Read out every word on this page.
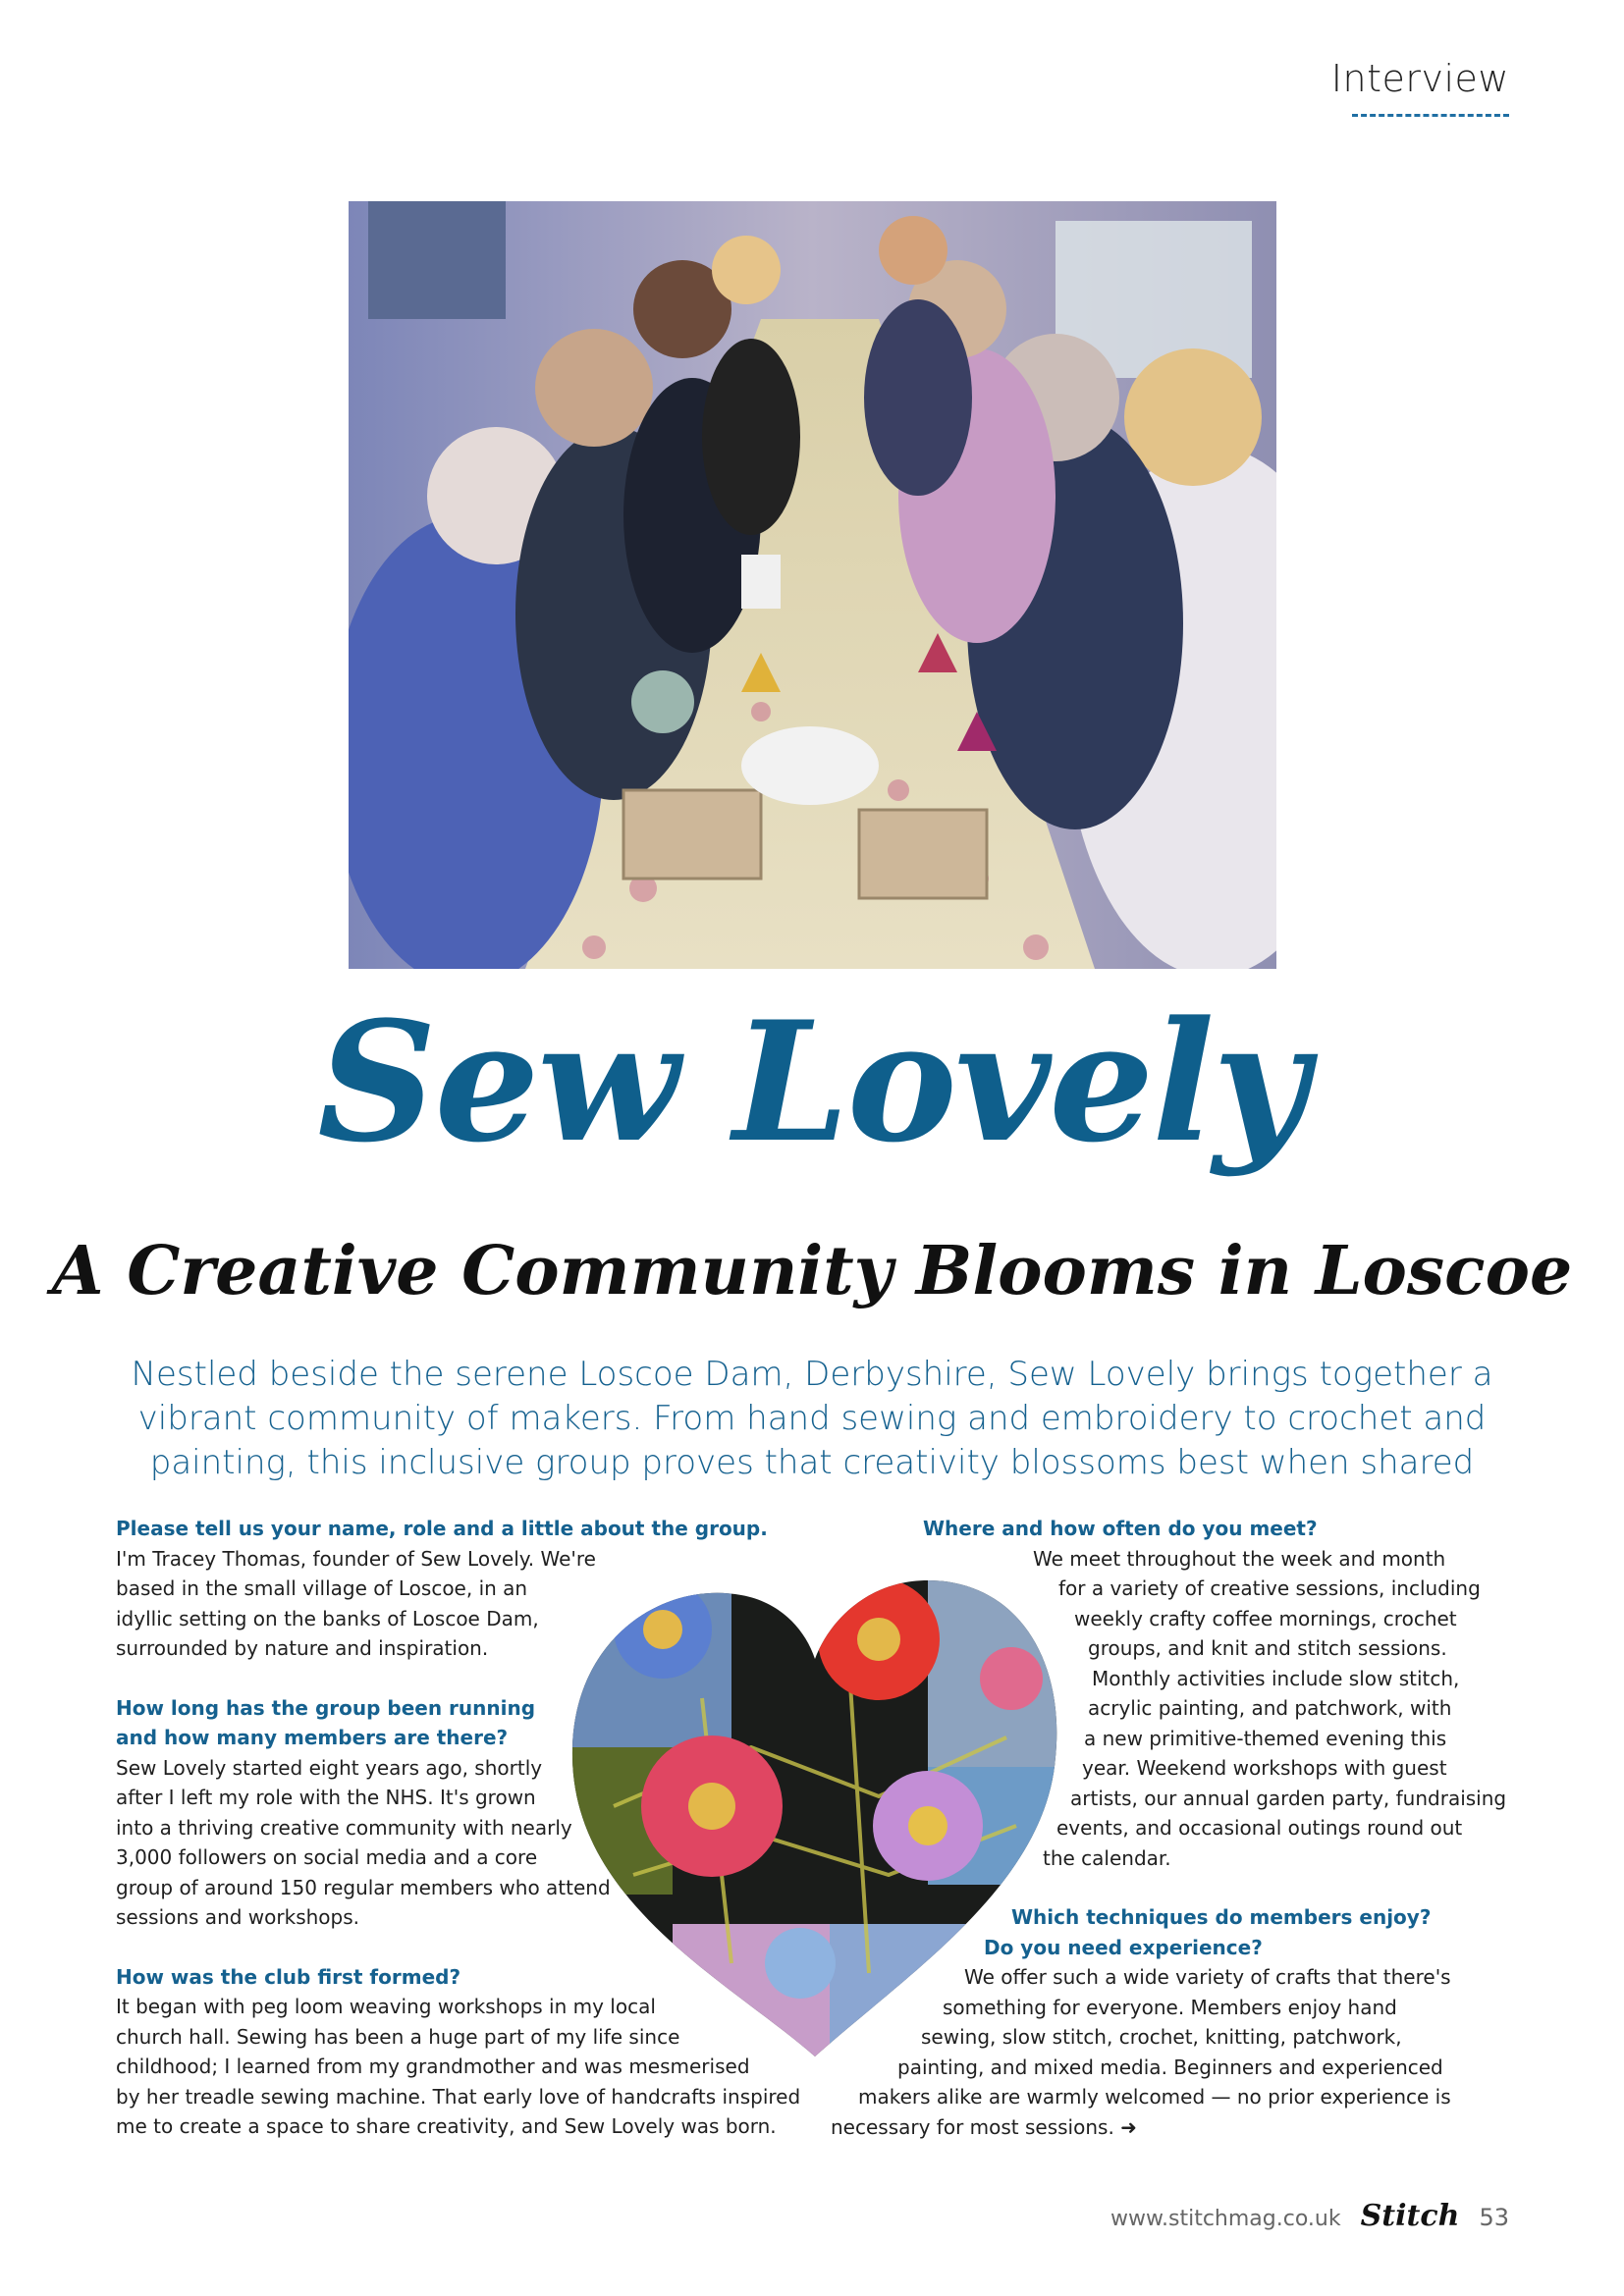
Interview
Sew Lovely
A Creative Community Blooms in Loscoe
Nestled beside the serene Loscoe Dam, Derbyshire, Sew Lovely brings together a
vibrant community of makers. From hand sewing and embroidery to crochet and
painting, this inclusive group proves that creativity blossoms best when shared

Please tell us your name, role and a little about the group.

I'm Tracey Thomas, founder of Sew Lovely. We're

based in the small village of Loscoe, in an

idyllic setting on the banks of Loscoe Dam,

surrounded by nature and inspiration.

How long has the group been running

and how many members are there?

Sew Lovely started eight years ago, shortly

after I left my role with the NHS. It's grown

into a thriving creative community with nearly

3,000 followers on social media and a core

group of around 150 regular members who attend

sessions and workshops.

How was the club first formed?

It began with peg loom weaving workshops in my local

church hall. Sewing has been a huge part of my life since

childhood; I learned from my grandmother and was mesmerised

by her treadle sewing machine. That early love of handcrafts inspired

me to create a space to share creativity, and Sew Lovely was born.

Where and how often do you meet?

We meet throughout the week and month

for a variety of creative sessions, including

weekly crafty coffee mornings, crochet

groups, and knit and stitch sessions.

Monthly activities include slow stitch,

acrylic painting, and patchwork, with

a new primitive-themed evening this

year. Weekend workshops with guest

artists, our annual garden party, fundraising

events, and occasional outings round out

the calendar.

Which techniques do members enjoy?

Do you need experience?

We offer such a wide variety of crafts that there's

something for everyone. Members enjoy hand

sewing, slow stitch, crochet, knitting, patchwork,

painting, and mixed media. Beginners and experienced

makers alike are warmly welcomed — no prior experience is

necessary for most sessions. ➜

www.stitchmag.co.uk Stitch 53
